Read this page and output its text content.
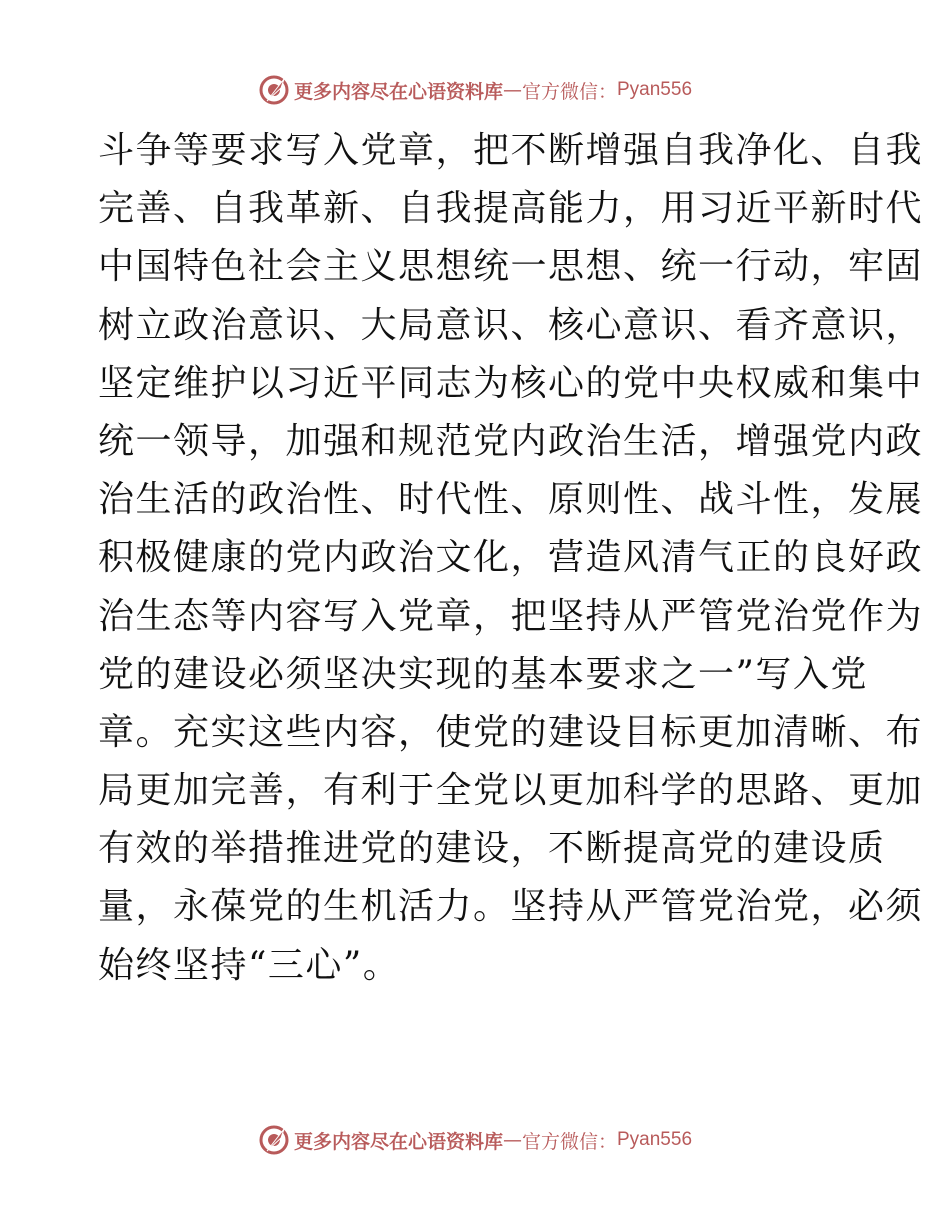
更多内容尽在心语资料库 — 官方微信： Pyan556
斗争等要求写入党章，把不断增强自我净化、自我
完善、自我革新、自我提高能力，用习近平新时代
中国特色社会主义思想统一思想、统一行动，牢固
树立政治意识、大局意识、核心意识、看齐意识，
坚定维护以习近平同志为核心的党中央权威和集中
统一领导，加强和规范党内政治生活，增强党内政
治生活的政治性、时代性、原则性、战斗性，发展
积极健康的党内政治文化，营造风清气正的良好政
治生态等内容写入党章，把坚持从严管党治党作为
党的建设必须坚决实现的基本要求之一”写入党
章。充实这些内容，使党的建设目标更加清晰、布
局更加完善，有利于全党以更加科学的思路、更加
有效的举措推进党的建设，不断提高党的建设质
量，永葆党的生机活力。坚持从严管党治党，必须
始终坚持“三心”。
更多内容尽在心语资料库 — 官方微信： Pyan556
